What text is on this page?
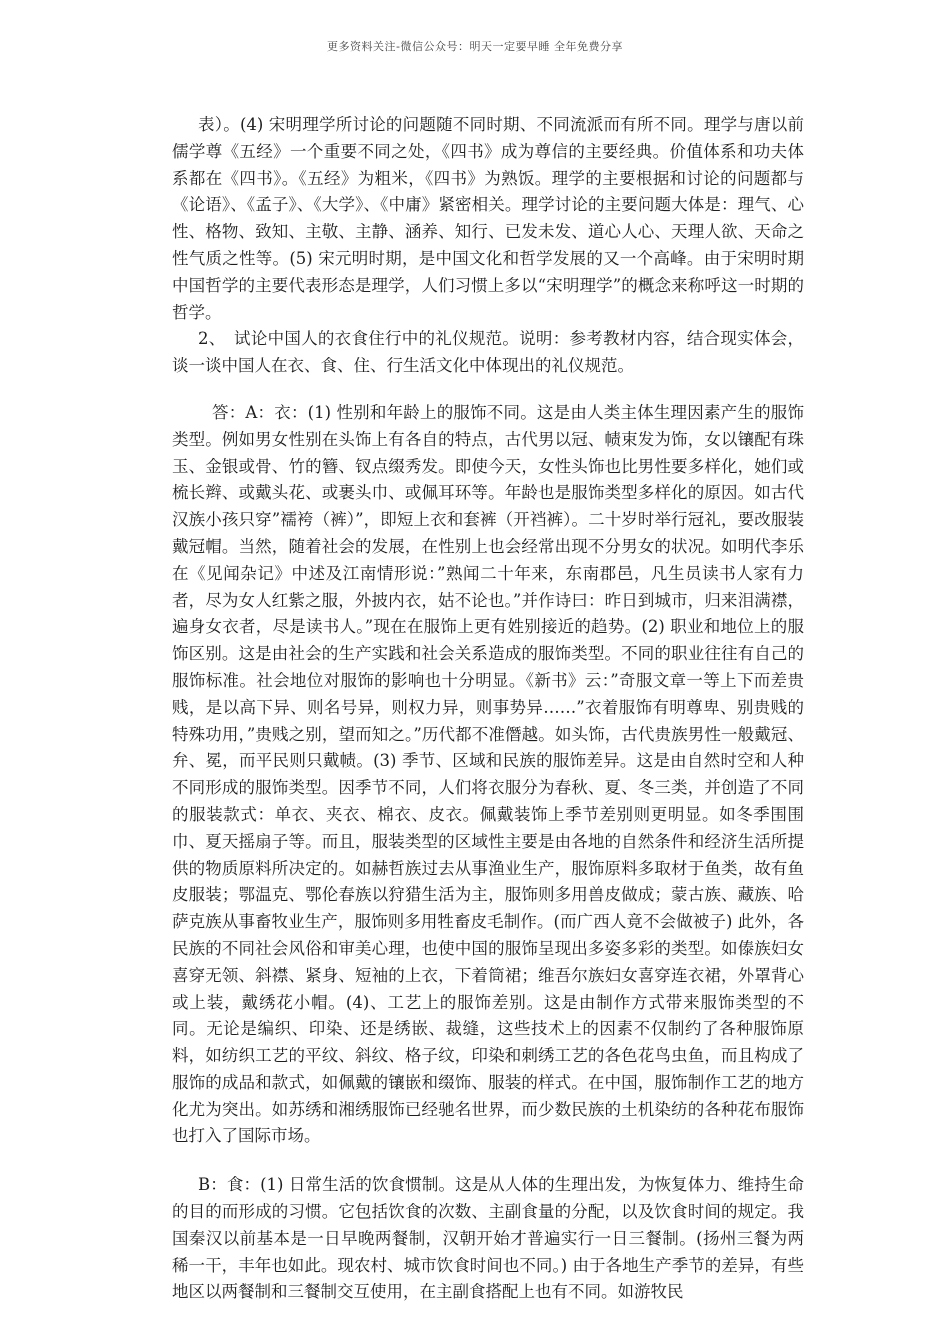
更多资料关注-微信公众号：明天一定要早睡 全年免费分享

表）。(4) 宋明理学所讨论的问题随不同时期、不同流派而有所不同。理学与唐以前儒学尊《五经》一个重要不同之处，《四书》成为尊信的主要经典。价值体系和功夫体系都在《四书》。《五经》为粗米，《四书》为熟饭。理学的主要根据和讨论的问题都与《论语》、《孟子》、《大学》、《中庸》紧密相关。理学讨论的主要问题大体是：理气、心性、格物、致知、主敬、主静、涵养、知行、已发未发、道心人心、天理人欲、天命之性气质之性等。(5) 宋元明时期，是中国文化和哲学发展的又一个高峰。由于宋明时期中国哲学的主要代表形态是理学，人们习惯上多以“宋明理学”的概念来称呼这一时期的哲学。

2、　试论中国人的衣食住行中的礼仪规范。说明：参考教材内容，结合现实体会，谈一谈中国人在衣、食、住、行生活文化中体现出的礼仪规范。

答：A：衣：(1) 性别和年龄上的服饰不同。这是由人类主体生理因素产生的服饰类型。例如男女性别在头饰上有各自的特点，古代男以冠、帻束发为饰，女以镶配有珠玉、金银或骨、竹的簪、钗点缀秀发。即使今天，女性头饰也比男性要多样化，她们或梳长辫、或戴头花、或裹头巾、或佩耳环等。年龄也是服饰类型多样化的原因。如古代汉族小孩只穿”襦袴（裤）”，即短上衣和套裤（开裆裤）。二十岁时举行冠礼，要改服装戴冠帽。当然，随着社会的发展，在性别上也会经常出现不分男女的状况。如明代李乐在《见闻杂记》中述及江南情形说：”熟闻二十年来，东南郡邑，凡生员读书人家有力者，尽为女人红紫之服，外披内衣，姑不论也。”并作诗曰：昨日到城市，归来泪满襟，遍身女衣者，尽是读书人。”现在在服饰上更有姓别接近的趋势。(2) 职业和地位上的服饰区别。这是由社会的生产实践和社会关系造成的服饰类型。不同的职业往往有自己的服饰标准。社会地位对服饰的影响也十分明显。《新书》云：”奇服文章一等上下而差贵贱，是以高下异、则名号异，则权力异，则事势异……”衣着服饰有明尊卑、别贵贱的特殊功用，”贵贱之别，望而知之。”历代都不准僭越。如头饰，古代贵族男性一般戴冠、弁、冕，而平民则只戴帻。(3) 季节、区域和民族的服饰差异。这是由自然时空和人种不同形成的服饰类型。因季节不同，人们将衣服分为春秋、夏、冬三类，并创造了不同的服装款式：单衣、夹衣、棉衣、皮衣。佩戴装饰上季节差别则更明显。如冬季围围巾、夏天摇扇子等。而且，服装类型的区域性主要是由各地的自然条件和经济生活所提供的物质原料所决定的。如赫哲族过去从事渔业生产，服饰原料多取材于鱼类，故有鱼皮服装；鄂温克、鄂伦春族以狩猎生活为主，服饰则多用兽皮做成；蒙古族、藏族、哈萨克族从事畜牧业生产，服饰则多用牲畜皮毛制作。(而广西人竟不会做被子) 此外，各民族的不同社会风俗和审美心理，也使中国的服饰呈现出多姿多彩的类型。如傣族妇女喜穿无领、斜襟、紧身、短袖的上衣，下着筒裙；维吾尔族妇女喜穿连衣裙，外罩背心或上装，戴绣花小帽。(4)、工艺上的服饰差别。这是由制作方式带来服饰类型的不同。无论是编织、印染、还是绣嵌、裁缝，这些技术上的因素不仅制约了各种服饰原料，如纺织工艺的平纹、斜纹、格子纹，印染和刺绣工艺的各色花鸟虫鱼，而且构成了服饰的成品和款式，如佩戴的镶嵌和缀饰、服装的样式。在中国，服饰制作工艺的地方化尤为突出。如苏绣和湘绣服饰已经驰名世界，而少数民族的土机染纺的各种花布服饰也打入了国际市场。

B：食：(1) 日常生活的饮食惯制。这是从人体的生理出发，为恢复体力、维持生命的目的而形成的习惯。它包括饮食的次数、主副食量的分配，以及饮食时间的规定。我国秦汉以前基本是一日早晚两餐制，汉朝开始才普遍实行一日三餐制。(扬州三餐为两稀一干，丰年也如此。现农村、城市饮食时间也不同。) 由于各地生产季节的差异，有些地区以两餐制和三餐制交互使用，在主副食搭配上也有不同。如游牧民
